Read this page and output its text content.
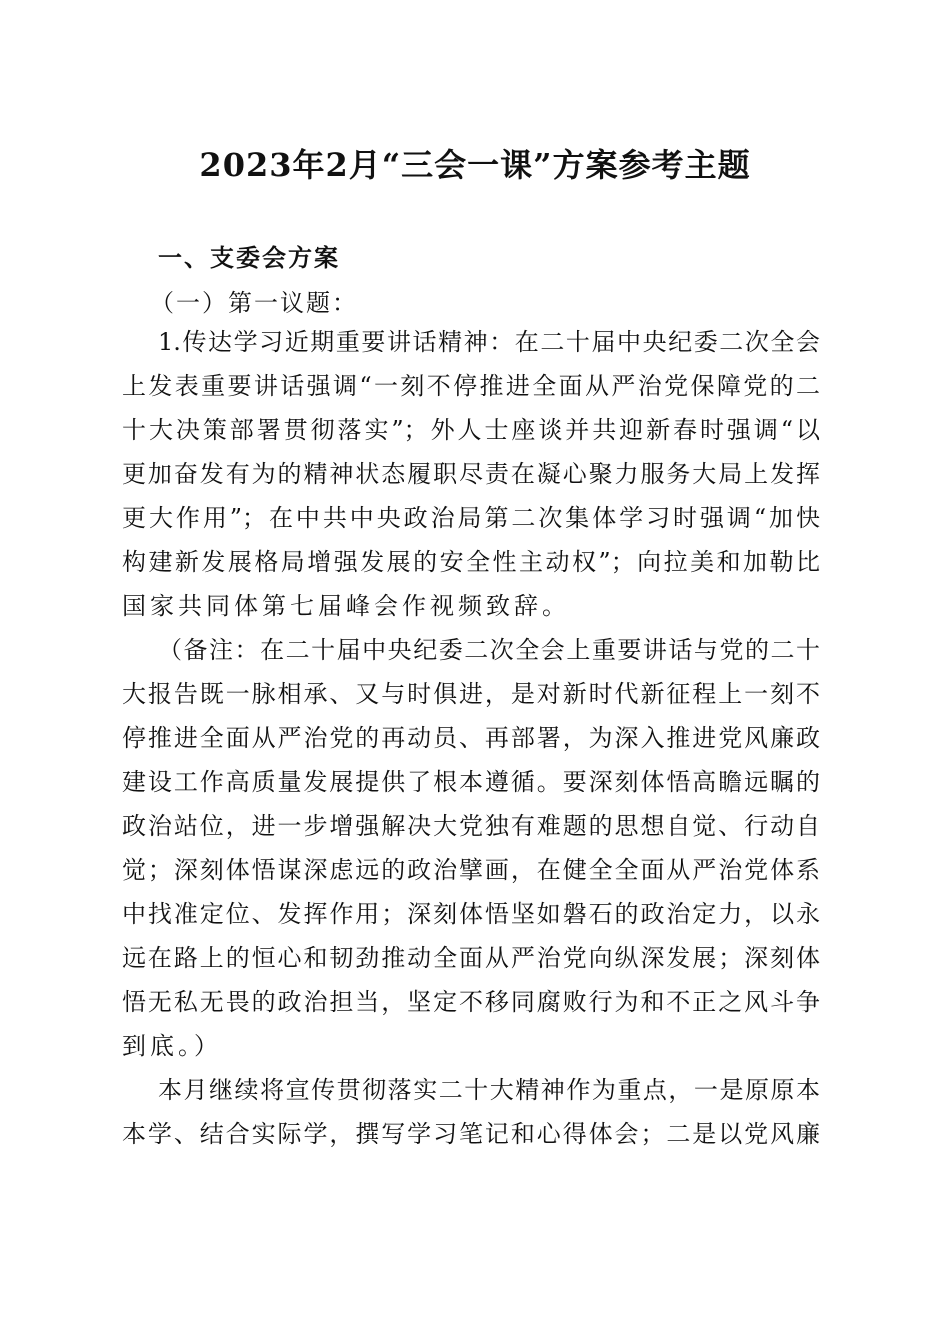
2023年2月“三会一课”方案参考主题
一、支委会方案
（一）第一议题：
1.传达学习近期重要讲话精神：在二十届中央纪委二次全会
上发表重要讲话强调“一刻不停推进全面从严治党保障党的二
十大决策部署贯彻落实”；外人士座谈并共迎新春时强调“以
更加奋发有为的精神状态履职尽责在凝心聚力服务大局上发挥
更大作用”；在中共中央政治局第二次集体学习时强调“加快
构建新发展格局增强发展的安全性主动权”；向拉美和加勒比
国家共同体第七届峰会作视频致辞。
（备注：在二十届中央纪委二次全会上重要讲话与党的二十
大报告既一脉相承、又与时俱进，是对新时代新征程上一刻不
停推进全面从严治党的再动员、再部署，为深入推进党风廉政
建设工作高质量发展提供了根本遵循。要深刻体悟高瞻远瞩的
政治站位，进一步增强解决大党独有难题的思想自觉、行动自
觉；深刻体悟谋深虑远的政治擘画，在健全全面从严治党体系
中找准定位、发挥作用；深刻体悟坚如磐石的政治定力，以永
远在路上的恒心和韧劲推动全面从严治党向纵深发展；深刻体
悟无私无畏的政治担当，坚定不移同腐败行为和不正之风斗争
到底。）
本月继续将宣传贯彻落实二十大精神作为重点，一是原原本
本学、结合实际学，撰写学习笔记和心得体会；二是以党风廉
